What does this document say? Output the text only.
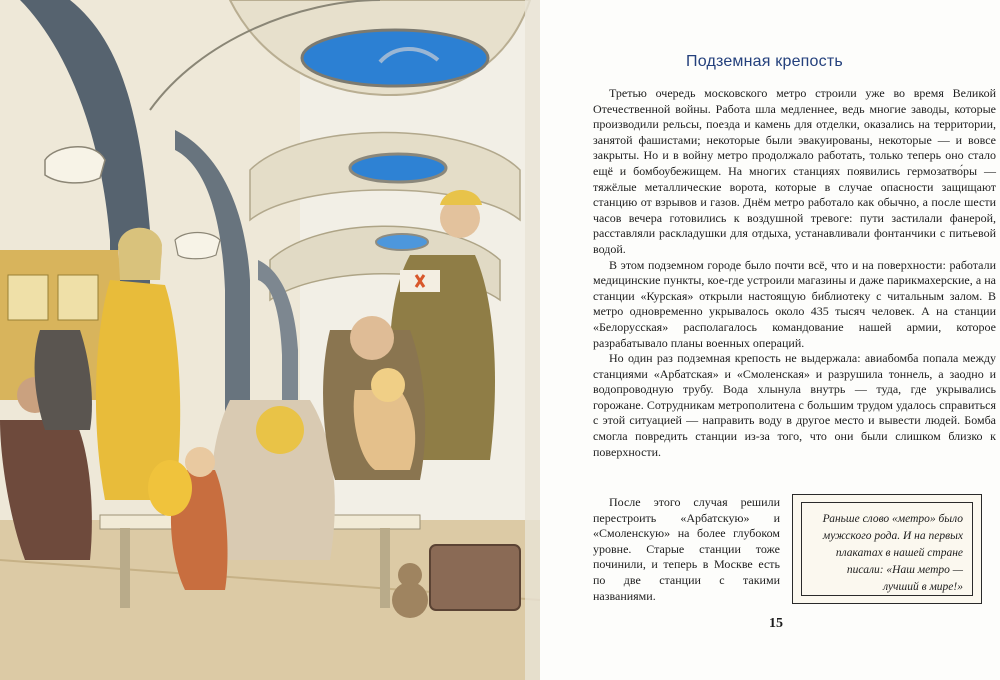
Подземная крепость

Третью очередь московского метро строили уже во время Великой Отечественной войны. Работа шла медленнее, ведь многие заводы, которые производили рельсы, поезда и камень для отделки, оказались на территории, занятой фашистами; некоторые были эвакуированы, некоторые — и вовсе закрыты. Но и в войну метро продолжало работать, только теперь оно стало ещё и бомбоубежищем. На многих станциях появились гермозатво́ры — тяжёлые металлические ворота, которые в случае опасности защищают станцию от взрывов и газов. Днём метро работало как обычно, а после шести часов вечера готовились к воздушной тревоге: пути застилали фанерой, расставляли раскладушки для отдыха, устанавливали фонтанчики с питьевой водой.

В этом подземном городе было почти всё, что и на поверхности: работали медицинские пункты, кое-где устроили магазины и даже парикмахерские, а на станции «Курская» открыли настоящую библиотеку с читальным залом. В метро одновременно укрывалось около 435 тысяч человек. А на станции «Белорусская» располагалось командование нашей армии, которое разрабатывало планы военных операций.

Но один раз подземная крепость не выдержала: авиабомба попала между станциями «Арбатская» и «Смоленская» и разрушила тоннель, а заодно и водопроводную трубу. Вода хлынула внутрь — туда, где укрывались горожане. Сотрудникам метрополитена с большим трудом удалось справиться с этой ситуацией — направить воду в другое место и вывести людей. Бомба смогла повредить станции из-за того, что они были слишком близко к поверхности.

После этого случая решили перестроить «Арбатскую» и «Смоленскую» на более глубоком уровне. Старые станции тоже починили, и теперь в Москве есть по две станции с такими названиями.

Раньше слово «метро» было мужского рода. И на первых плакатах в нашей стране писали: «Наш метро — лучший в мире!»
15
